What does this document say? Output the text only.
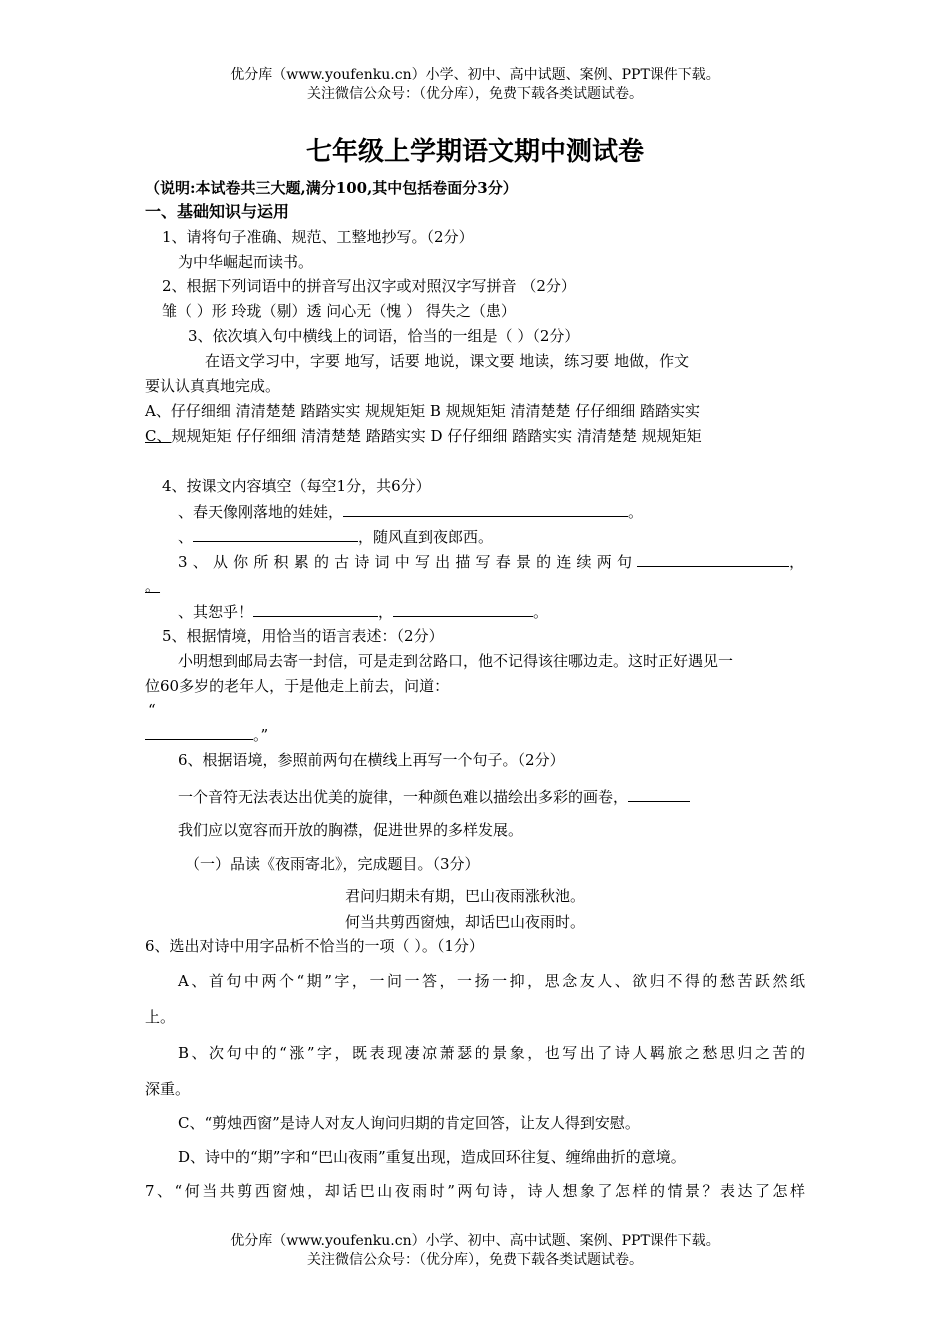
优分库（www.youfenku.cn）小学、初中、高中试题、案例、PPT课件下载。
关注微信公众号：（优分库），免费下载各类试题试卷。
七年级上学期语文期中测试卷
（说明:本试卷共三大题,满分100,其中包括卷面分3分）
一、基础知识与运用
1、请将句子准确、规范、工整地抄写。（2分）
为中华崛起而读书。
2、根据下列词语中的拼音写出汉字或对照汉字写拼音 （2分）
雏（ ）形 玲珑（剔）透 问心无（愧 ） 得失之（患）
3、依次填入句中横线上的词语，恰当的一组是（ ）（2分）
在语文学习中，字要 地写，话要 地说，课文要 地读，练习要 地做，作文
要认认真真地完成。
A、仔仔细细 清清楚楚 踏踏实实 规规矩矩 B 规规矩矩 清清楚楚 仔仔细细 踏踏实实
C、规规矩矩 仔仔细细 清清楚楚 踏踏实实 D 仔仔细细 踏踏实实 清清楚楚 规规矩矩
4、按课文内容填空（每空1分，共6分）
、春天像刚落地的娃娃，	。
、	，随风直到夜郎西。
3、从你所积累的古诗词中写出描写春景的连续两句	，
。
、其恕乎！	，	。
5、根据情境，用恰当的语言表述：（2分）
小明想到邮局去寄一封信，可是走到岔路口，他不记得该往哪边走。这时正好遇见一
位60多岁的老年人，于是他走上前去，问道：
“
。”
6、根据语境，参照前两句在横线上再写一个句子。（2分）
一个音符无法表达出优美的旋律，一种颜色难以描绘出多彩的画卷，
我们应以宽容而开放的胸襟，促进世界的多样发展。
（一）品读《夜雨寄北》，完成题目。（3分）
君问归期未有期，巴山夜雨涨秋池。
何当共剪西窗烛，却话巴山夜雨时。
6、选出对诗中用字品析不恰当的一项（ ）。（1分）
A、首句中两个“期”字，一问一答，一扬一抑，思念友人、欲归不得的愁苦跃然纸
上。
B、次句中的“涨”字，既表现凄凉萧瑟的景象，也写出了诗人羁旅之愁思归之苦的
深重。
C、“剪烛西窗”是诗人对友人询问归期的肯定回答，让友人得到安慰。
D、诗中的“期”字和“巴山夜雨”重复出现，造成回环往复、缠绵曲折的意境。
7、“何当共剪西窗烛，却话巴山夜雨时”两句诗，诗人想象了怎样的情景？表达了怎样
优分库（www.youfenku.cn）小学、初中、高中试题、案例、PPT课件下载。
关注微信公众号：（优分库），免费下载各类试题试卷。
